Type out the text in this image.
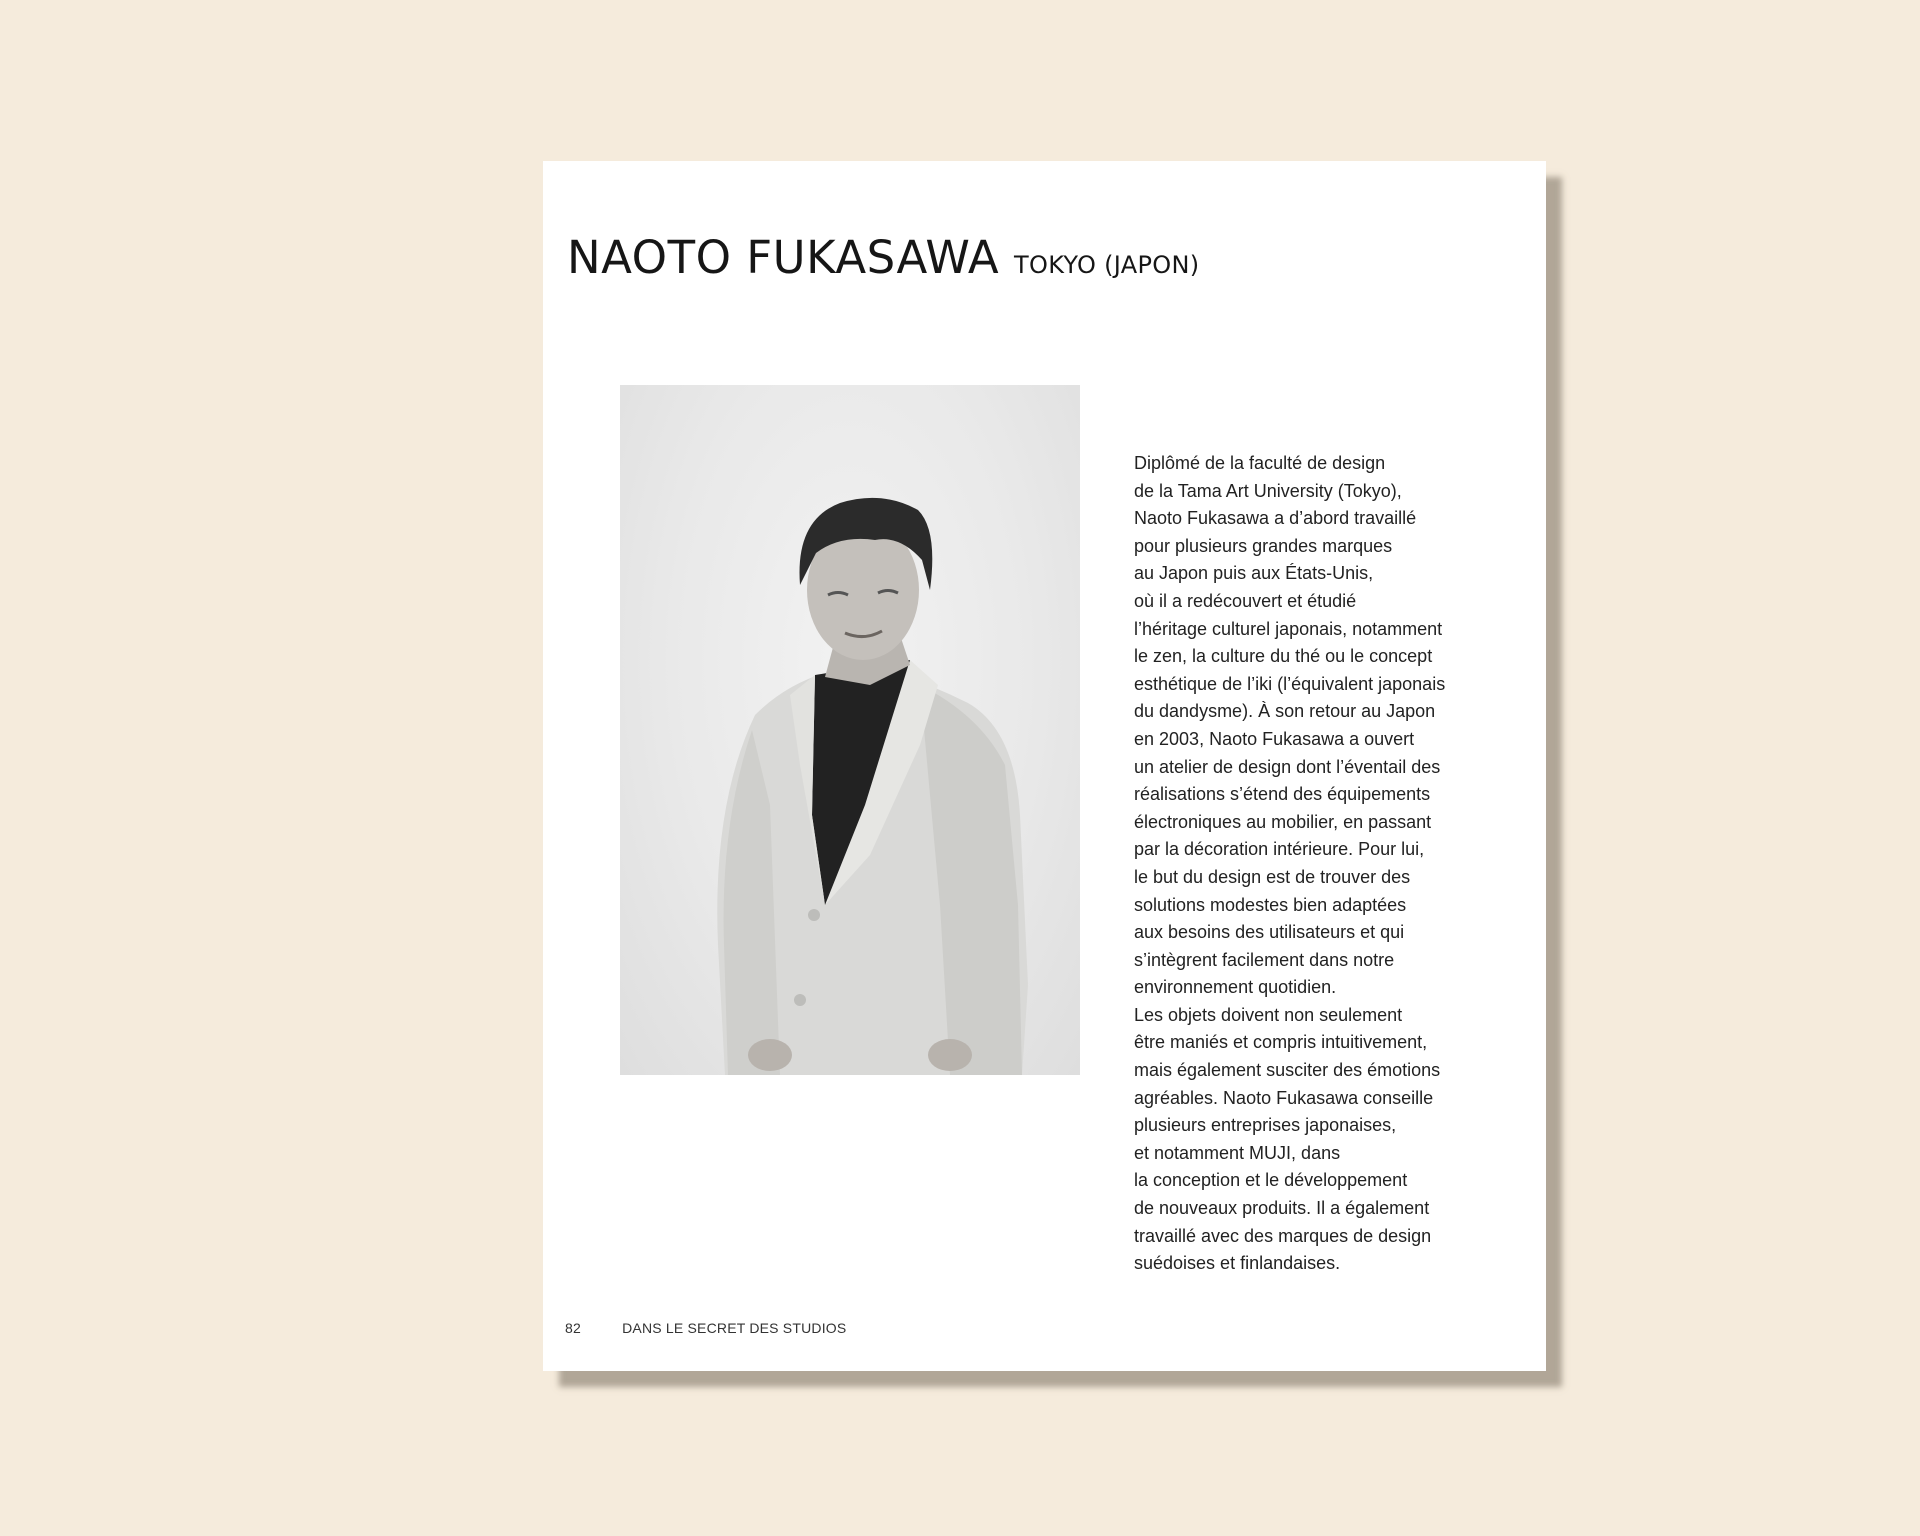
NAOTO FUKASAWA TOKYO (JAPON)

Diplômé de la faculté de design
de la Tama Art University (Tokyo),
Naoto Fukasawa a d’abord travaillé
pour plusieurs grandes marques
au Japon puis aux États-Unis,
où il a redécouvert et étudié
l’héritage culturel japonais, notamment
le zen, la culture du thé ou le concept
esthétique de l’iki (l’équivalent japonais
du dandysme). À son retour au Japon
en 2003, Naoto Fukasawa a ouvert
un atelier de design dont l’éventail des
réalisations s’étend des équipements
électroniques au mobilier, en passant
par la décoration intérieure. Pour lui,
le but du design est de trouver des
solutions modestes bien adaptées
aux besoins des utilisateurs et qui
s’intègrent facilement dans notre
environnement quotidien.
Les objets doivent non seulement
être maniés et compris intuitivement,
mais également susciter des émotions
agréables. Naoto Fukasawa conseille
plusieurs entreprises japonaises,
et notamment MUJI, dans
la conception et le développement
de nouveaux produits. Il a également
travaillé avec des marques de design
suédoises et finlandaises.

82	DANS LE SECRET DES STUDIOS
